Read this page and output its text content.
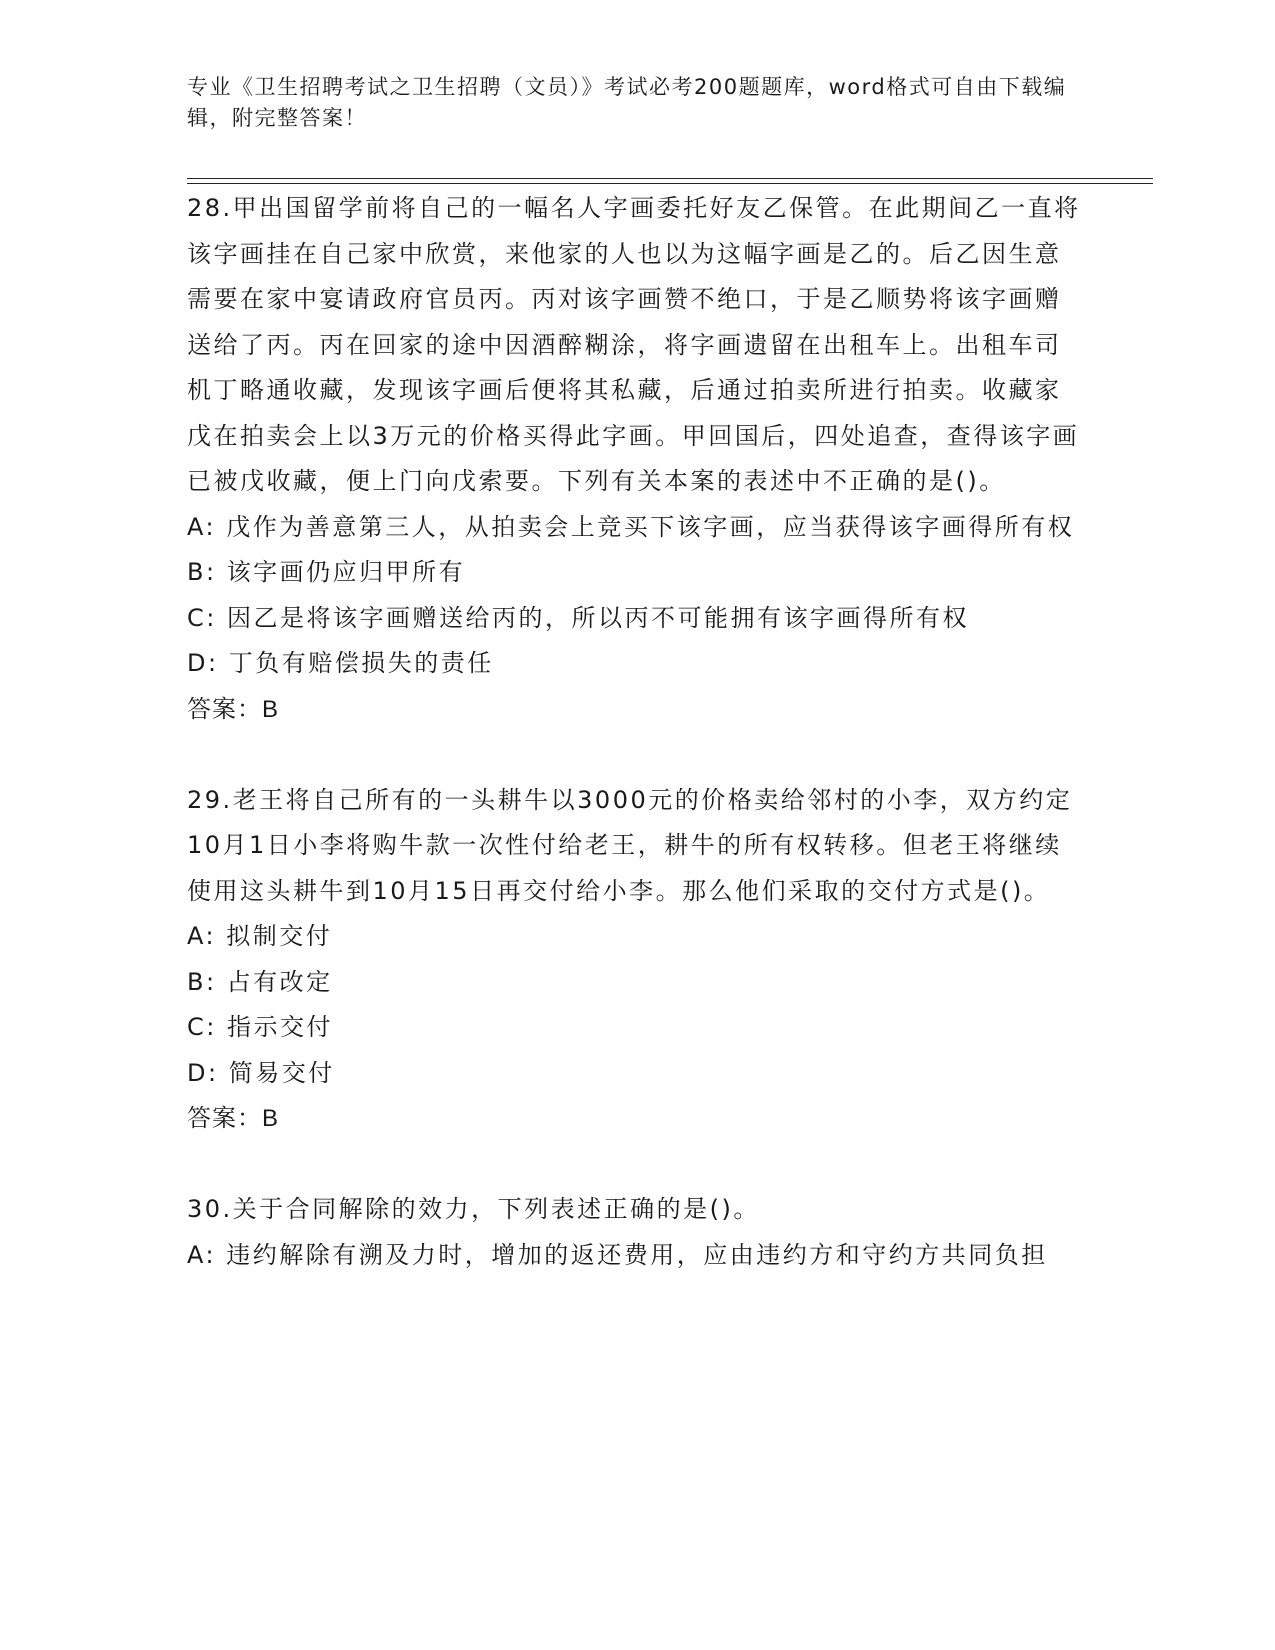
专业《卫生招聘考试之卫生招聘（文员）》考试必考200题题库，word格式可自由下载编辑，附完整答案！

28.甲出国留学前将自己的一幅名人字画委托好友乙保管。在此期间乙一直将该字画挂在自己家中欣赏，来他家的人也以为这幅字画是乙的。后乙因生意需要在家中宴请政府官员丙。丙对该字画赞不绝口，于是乙顺势将该字画赠送给了丙。丙在回家的途中因酒醉糊涂，将字画遗留在出租车上。出租车司机丁略通收藏，发现该字画后便将其私藏，后通过拍卖所进行拍卖。收藏家戊在拍卖会上以3万元的价格买得此字画。甲回国后，四处追查，查得该字画已被戊收藏，便上门向戊索要。下列有关本案的表述中不正确的是()。

A: 戊作为善意第三人，从拍卖会上竞买下该字画，应当获得该字画得所有权

B: 该字画仍应归甲所有

C: 因乙是将该字画赠送给丙的，所以丙不可能拥有该字画得所有权

D: 丁负有赔偿损失的责任

答案：B

29.老王将自己所有的一头耕牛以3000元的价格卖给邻村的小李，双方约定10月1日小李将购牛款一次性付给老王，耕牛的所有权转移。但老王将继续使用这头耕牛到10月15日再交付给小李。那么他们采取的交付方式是()。

A: 拟制交付

B: 占有改定

C: 指示交付

D: 简易交付

答案：B

30.关于合同解除的效力，下列表述正确的是()。

A: 违约解除有溯及力时，增加的返还费用，应由违约方和守约方共同负担
